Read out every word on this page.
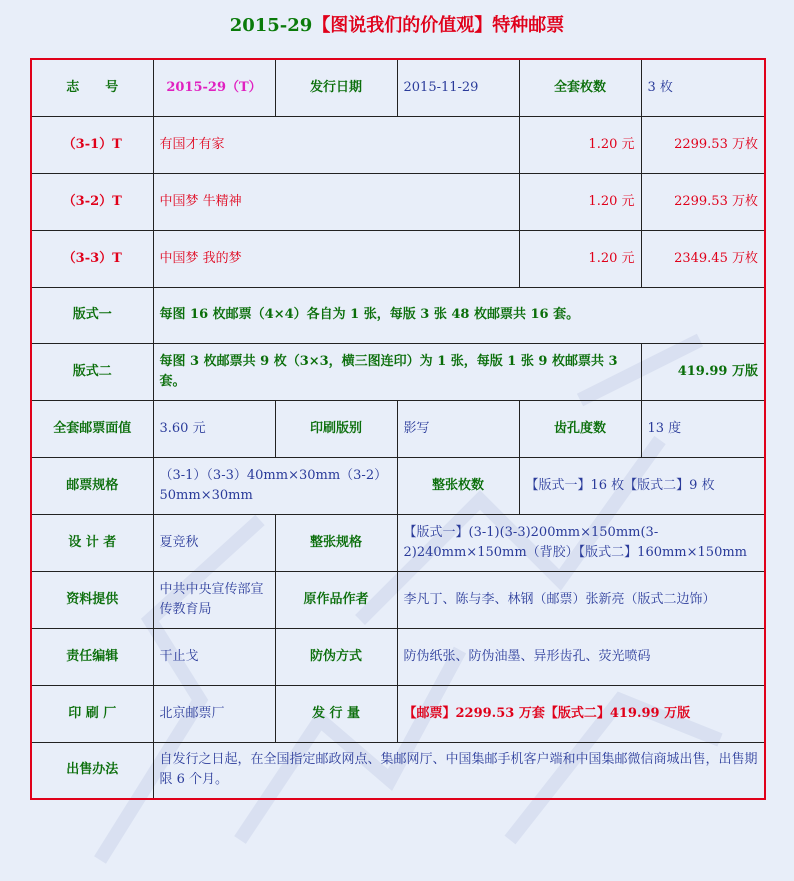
2015-29【图说我们的价值观】特种邮票
志　　号	2015-29（T）	发行日期	2015-11-29	全套枚数	3 枚
（3-1）T	有国才有家			1.20 元	2299.53 万枚
（3-2）T	中国梦 牛精神			1.20 元	2299.53 万枚
（3-3）T	中国梦 我的梦			1.20 元	2349.45 万枚
版式一	每图 16 枚邮票（4×4）各自为 1 张，每版 3 张 48 枚邮票共 16 套。				
版式二	每图 3 枚邮票共 9 枚（3×3，横三图连印）为 1 张，每版 1 张 9 枚邮票共 3 套。				419.99 万版
全套邮票面值	3.60 元	印刷版别	影写	齿孔度数	13 度
邮票规格	（3-1）（3-3）40mm×30mm（3-2）50mm×30mm		整张枚数	【版式一】16 枚【版式二】9 枚	
设 计 者	夏竞秋	整张规格	【版式一】(3-1)(3-3)200mm×150mm(3-2)240mm×150mm（背胶）【版式二】160mm×150mm		
资料提供	中共中央宣传部宣传教育局	原作品作者	李凡丁、陈与李、林钢（邮票）张新亮（版式二边饰）		
责任编辑	干止戈	防伪方式	防伪纸张、防伪油墨、异形齿孔、荧光喷码		
印 刷 厂	北京邮票厂	发 行 量	【邮票】2299.53 万套【版式二】419.99 万版		
出售办法	自发行之日起，在全国指定邮政网点、集邮网厅、中国集邮手机客户端和中国集邮微信商城出售，出售期限 6 个月。				
